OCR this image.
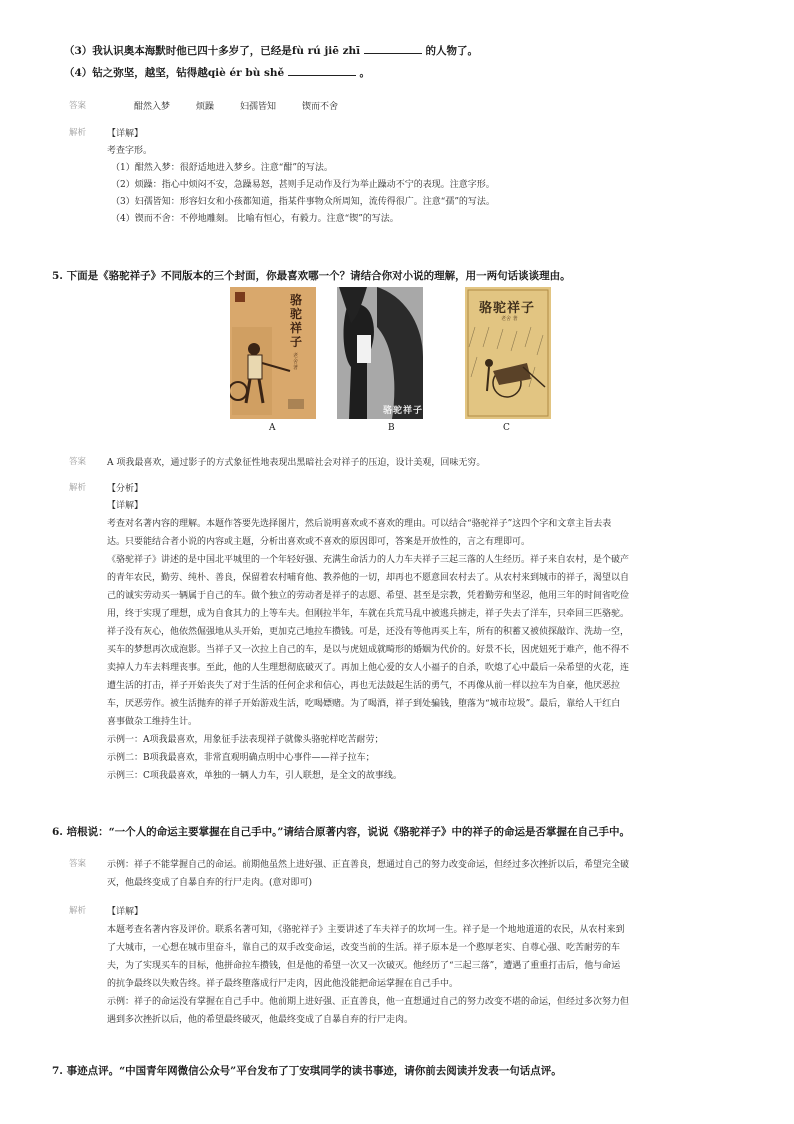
（3）我认识奥本海默时他已四十多岁了，已经是fù rú jiē zhī	的人物了。
（4）钻之弥坚，越坚，钻得越qiè ér bù shě	。
答案	酣然入梦	烦躁	妇孺皆知	锲而不舍
解析 【详解】
考查字形。
（1）酣然入梦：很舒适地进入梦乡。注意“酣”的写法。
（2）烦躁：指心中烦闷不安，急躁易怒，甚则手足动作及行为举止躁动不宁的表现。注意字形。
（3）妇孺皆知：形容妇女和小孩都知道，指某件事物众所周知，流传得很广。注意“孺”的写法。
（4）锲而不舍：不停地雕刻。 比喻有恒心，有毅力。注意“锲”的写法。
5. 下面是《骆驼祥子》不同版本的三个封面，你最喜欢哪一个？请结合你对小说的理解，用一两句话谈谈理由。
骆驼祥子
老舍 著
骆驼祥子
骆驼祥子
老舍 著
A	B	C
答案 A 项我最喜欢，通过影子的方式象征性地表现出黑暗社会对祥子的压迫，设计美观，回味无穷。
解析 【分析】
【详解】
考查对名著内容的理解。本题作答要先选择图片，然后说明喜欢或不喜欢的理由。可以结合“骆驼祥子”这四个字和文章主旨去表
达。只要能结合者小说的内容或主题，分析出喜欢或不喜欢的原因即可，答案是开放性的，言之有理即可。
《骆驼祥子》讲述的是中国北平城里的一个年轻好强、充满生命活力的人力车夫祥子三起三落的人生经历。祥子来自农村，是个破产
的青年农民，勤劳、纯朴、善良，保留着农村哺育他、教养他的一切，却再也不愿意回农村去了。从农村来到城市的祥子，渴望以自
己的诚实劳动买一辆属于自己的车。做个独立的劳动者是祥子的志愿、希望、甚至是宗教，凭着勤劳和坚忍，他用三年的时间省吃俭
用，终于实现了理想，成为自食其力的上等车夫。但刚拉半年，车就在兵荒马乱中被逃兵掳走，祥子失去了洋车，只牵回三匹骆驼。
祥子没有灰心，他依然倔强地从头开始，更加克己地拉车攒钱。可是，还没有等他再买上车，所有的积蓄又被侦探敲诈、洗劫一空，
买车的梦想再次成泡影。当祥子又一次拉上自己的车，是以与虎妞成就畸形的婚姻为代价的。好景不长，因虎妞死于难产，他不得不
卖掉人力车去料理丧事。至此，他的人生理想彻底破灭了。再加上他心爱的女人小福子的自杀，吹熄了心中最后一朵希望的火花，连
遭生活的打击，祥子开始丧失了对于生活的任何企求和信心，再也无法鼓起生活的勇气，不再像从前一样以拉车为自豪，他厌恶拉
车，厌恶劳作。被生活抛弃的祥子开始游戏生活，吃喝嫖赌。为了喝酒，祥子到处骗钱，堕落为“城市垃圾”。最后，靠给人干红白
喜事做杂工维持生计。
示例一：A项我最喜欢，用象征手法表现祥子就像头骆驼样吃苦耐劳；
示例二：B项我最喜欢，非常直观明确点明中心事件——祥子拉车；
示例三：C项我最喜欢，单独的一辆人力车，引人联想，是全文的故事线。
6. 培根说：“一个人的命运主要掌握在自己手中。”请结合原著内容，说说《骆驼祥子》中的祥子的命运是否掌握在自己手中。
答案 示例：祥子不能掌握自己的命运。前期他虽然上进好强、正直善良，想通过自己的努力改变命运，但经过多次挫折以后，希望完全破
灭，他最终变成了自暴自弃的行尸走肉。(意对即可)
解析 【详解】
本题考查名著内容及评价。联系名著可知，《骆驼祥子》主要讲述了车夫祥子的坎坷一生。祥子是一个地地道道的农民，从农村来到
了大城市，一心想在城市里奋斗，靠自己的双手改变命运，改变当前的生活。祥子原本是一个憨厚老实、自尊心强、吃苦耐劳的车
夫，为了实现买车的目标，他拼命拉车攒钱，但是他的希望一次又一次破灭。他经历了“三起三落”，遭遇了重重打击后，他与命运
的抗争最终以失败告终。祥子最终堕落成行尸走肉，因此他没能把命运掌握在自己手中。
示例：祥子的命运没有掌握在自己手中。他前期上进好强、正直善良，他一直想通过自己的努力改变不堪的命运，但经过多次努力但
遇到多次挫折以后，他的希望最终破灭，他最终变成了自暴自弃的行尸走肉。
7. 事迹点评。“中国青年网微信公众号”平台发布了丁安琪同学的读书事迹，请你前去阅读并发表一句话点评。
